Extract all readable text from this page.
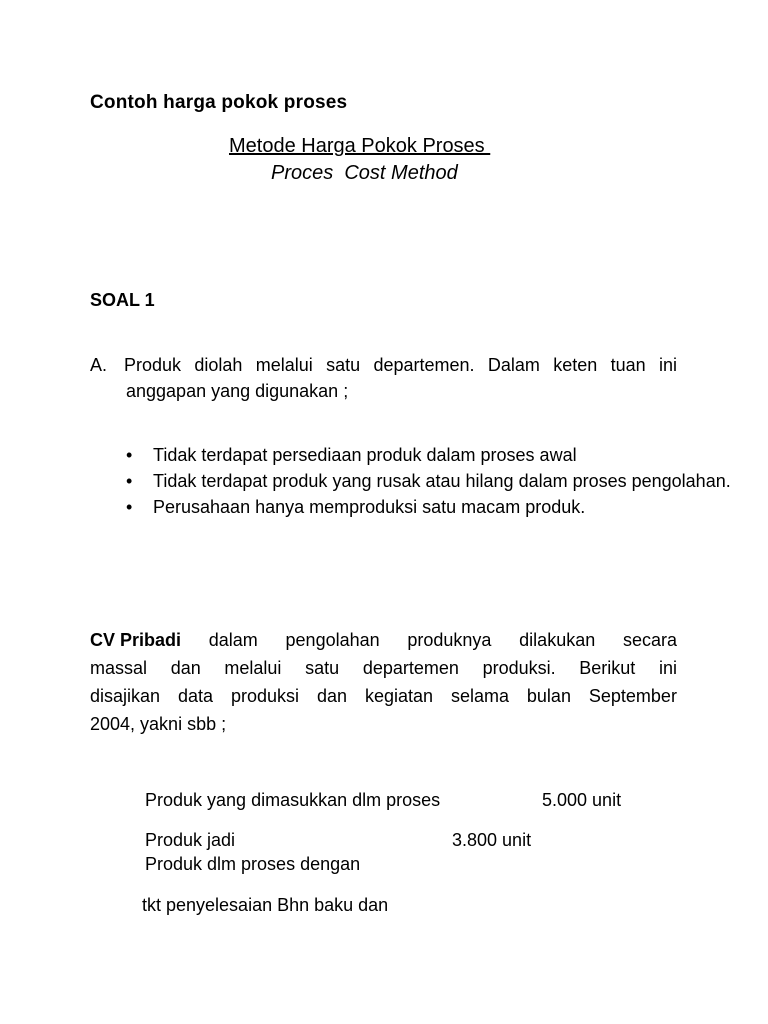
Contoh harga pokok proses
Metode Harga Pokok Proses
Proces  Cost Method
SOAL 1
A. Produk diolah melalui satu departemen. Dalam keten tuan ini
anggapan yang digunakan ;
• Tidak terdapat persediaan produk dalam proses awal
• Tidak terdapat produk yang rusak atau hilang dalam proses pengolahan.
• Perusahaan hanya memproduksi satu macam produk.
CV Pribadi dalam pengolahan produknya dilakukan secara
massal dan melalui satu departemen produksi. Berikut ini
disajikan data produksi dan kegiatan selama bulan September
2004, yakni sbb ;
Produk yang dimasukkan dlm proses	5.000 unit
Produk jadi	3.800 unit
Produk dlm proses dengan
tkt penyelesaian Bhn baku dan
